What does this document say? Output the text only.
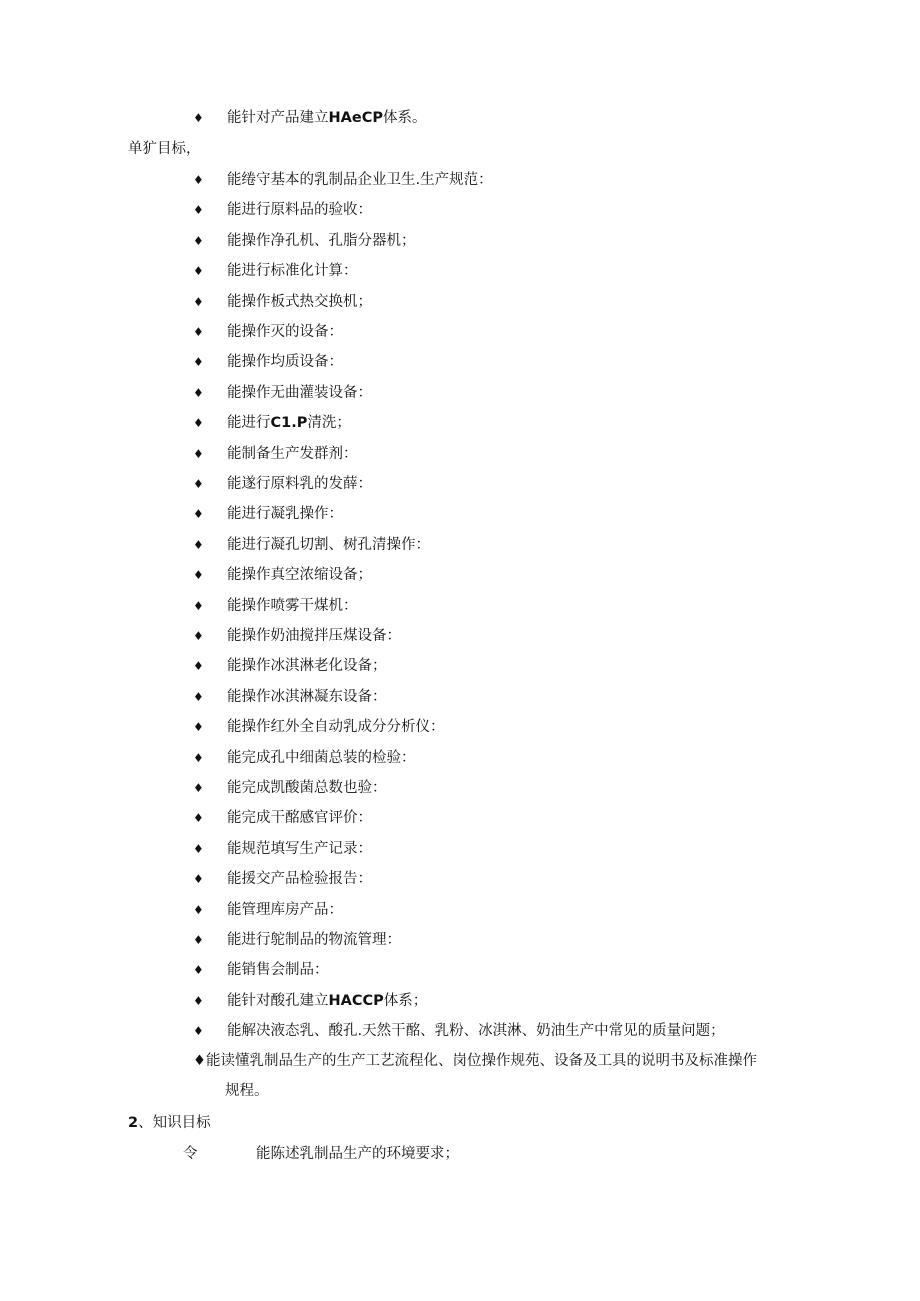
♦ 能针对产品建立HAeCP体系。
单犷目标，
♦ 能绻守基本的乳制品企业卫生.生产规范：
♦ 能进行原料品的验收：
♦ 能操作净孔机、孔脂分器机；
♦ 能进行标准化计算：
♦ 能操作板式热交换机；
♦ 能操作灭的设备：
♦ 能操作均质设备：
♦ 能操作无曲灌装设备：
♦ 能进行C1.P清洗；
♦ 能制备生产发群剂：
♦ 能遂行原料乳的发薛：
♦ 能进行凝乳操作：
♦ 能进行凝孔切割、树孔清操作：
♦ 能操作真空浓缩设备；
♦ 能操作喷雾干煤机：
♦ 能操作奶油搅拌压煤设备：
♦ 能操作冰淇淋老化设备；
♦ 能操作冰淇淋凝东设备：
♦ 能操作红外全自动乳成分分析仪：
♦ 能完成孔中细菌总装的检验：
♦ 能完成凯酸菌总数也验：
♦ 能完成干酩感官评价：
♦ 能规范填写生产记录：
♦ 能援交产品检验报告：
♦ 能管理库房产品：
♦ 能进行鸵制品的物流管理：
♦ 能销售会制品：
♦ 能针对酸孔建立HACCP体系；
♦ 能解决液态乳、酸孔.天然干酩、乳粉、冰淇淋、奶油生产中常见的质量问题；
♦能读懂乳制品生产的生产工艺流程化、岗位操作规苑、设备及工具的说明书及标准操作
规程。
2、知识目标
令	能陈述乳制品生产的环境要求；
